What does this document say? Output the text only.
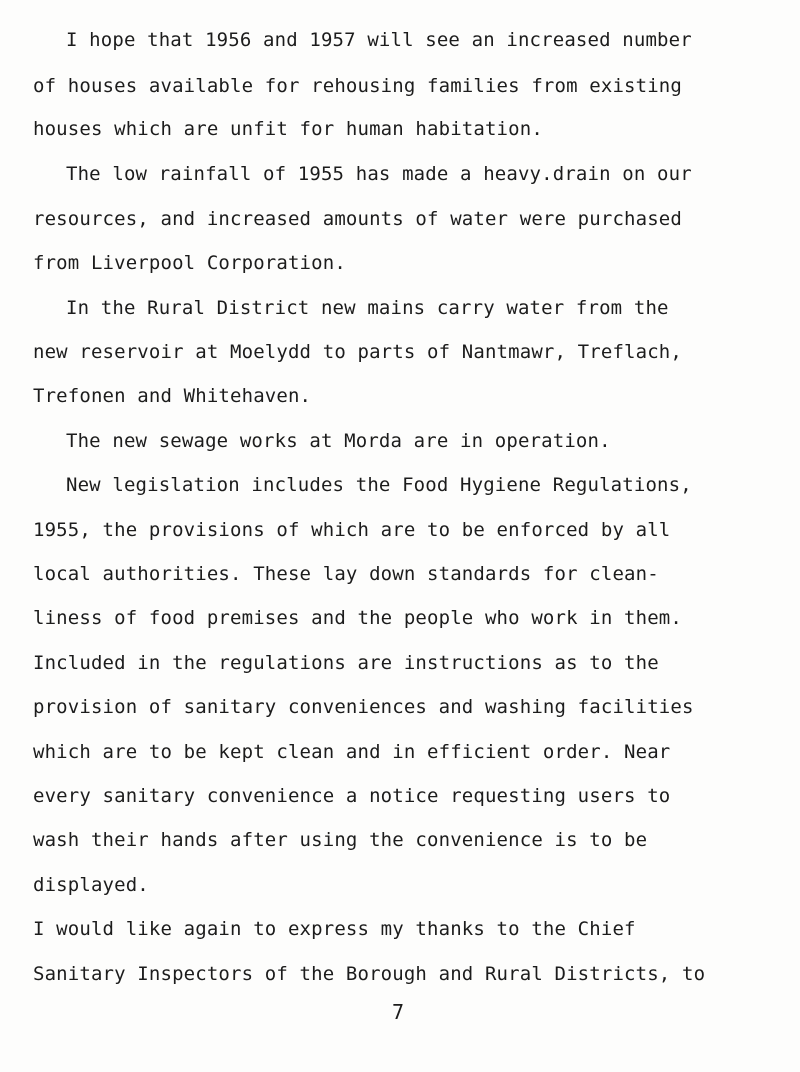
I hope that 1956 and 1957 will see an increased number
of houses available for rehousing families from existing
houses which are unfit for human habitation.
The low rainfall of 1955 has made a heavy.drain on our
resources, and increased amounts of water were purchased
from Liverpool Corporation.
In the Rural District new mains carry water from the
new reservoir at Moelydd to parts of Nantmawr, Treflach,
Trefonen and Whitehaven.
The new sewage works at Morda are in operation.
New legislation includes the Food Hygiene Regulations,
1955, the provisions of which are to be enforced by all
local authorities. These lay down standards for clean-
liness of food premises and the people who work in them.
Included in the regulations are instructions as to the
provision of sanitary conveniences and washing facilities
which are to be kept clean and in efficient order. Near
every sanitary convenience a notice requesting users to
wash their hands after using the convenience is to be
displayed.
I would like again to express my thanks to the Chief
Sanitary Inspectors of the Borough and Rural Districts, to
7
